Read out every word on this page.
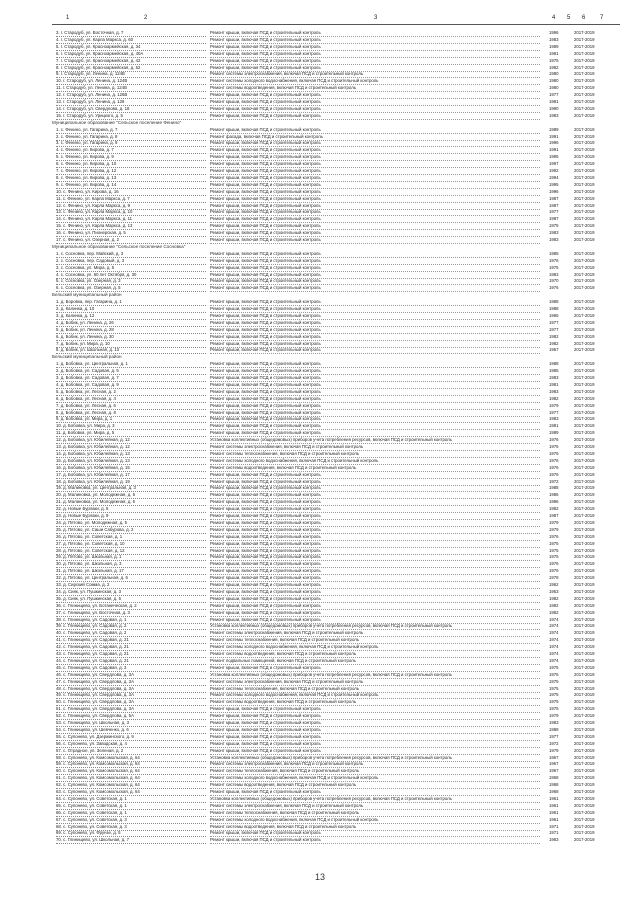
1	2	3	4 5 6 7
3. г. Стародуб, ул. Восточная, д. 7	Ремонт крыши, включая ПСД и строительный контроль	1996	2017-2019
4. г. Стародуб, ул. Карла Маркса, д. 60	Ремонт крыши, включая ПСД и строительный контроль	1983	2017-2019
5. г. Стародуб, ул. Красноармейская, д. 34	Ремонт крыши, включая ПСД и строительный контроль	1989	2017-2019
6. г. Стародуб, ул. Красноармейская, д. 40А	Ремонт крыши, включая ПСД и строительный контроль	1981	2017-2019
7. г. Стародуб, ул. Красноармейская, д. 42	Ремонт крыши, включая ПСД и строительный контроль	1975	2017-2019
8. г. Стародуб, ул. Красноармейская, д. 52	Ремонт крыши, включая ПСД и строительный контроль	1982	2017-2019
9. г. Стародуб, ул. Ленина, д. 124В	Ремонт системы электроснабжения, включая ПСД и строительный контроль	1980	2017-2019
10. г. Стародуб, ул. Ленина, д. 124В	Ремонт системы холодного водоснабжения, включая ПСД и строительный контроль	1980	2017-2019
11. г. Стародуб, ул. Ленина, д. 124В	Ремонт системы водоотведения, включая ПСД и строительный контроль	1980	2017-2019
12. г. Стародуб, ул. Ленина, д. 126В	Ремонт крыши, включая ПСД и строительный контроль	1977	2017-2019
13. г. Стародуб, ул. Ленина, д. 128	Ремонт крыши, включая ПСД и строительный контроль	1981	2017-2019
14. г. Стародуб, ул. Свердлова, д. 18	Ремонт крыши, включая ПСД и строительный контроль	1990	2017-2019
15. г. Стародуб, ул. Урицкого, д. 5	Ремонт крыши, включая ПСД и строительный контроль	1983	2017-2019
Муниципальное образование "Сельское поселение Фенино"
1. с. Фенино, ул. Гагарина, д. 7	Ремонт крыши, включая ПСД и строительный контроль	1989	2017-2019
2. с. Фенино, ул. Гагарина, д. 8	Ремонт фасада, включая ПСД и строительный контроль	1991	2017-2019
3. с. Фенино, ул. Гагарина, д. 9	Ремонт крыши, включая ПСД и строительный контроль	1996	2017-2019
4. с. Фенино, ул. Кирова, д. 7	Ремонт крыши, включая ПСД и строительный контроль	1991	2017-2019
5. с. Фенино, ул. Кирова, д. 9	Ремонт крыши, включая ПСД и строительный контроль	1995	2017-2019
6. с. Фенино, ул. Кирова, д. 10	Ремонт крыши, включая ПСД и строительный контроль	1997	2017-2019
7. с. Фенино, ул. Кирова, д. 12	Ремонт крыши, включая ПСД и строительный контроль	1992	2017-2019
8. с. Фенино, ул. Кирова, д. 13	Ремонт крыши, включая ПСД и строительный контроль	1994	2017-2019
9. с. Фенино, ул. Кирова, д. 14	Ремонт крыши, включая ПСД и строительный контроль	1995	2017-2019
10. с. Фенино, ул. Кирова, д. 16	Ремонт крыши, включая ПСД и строительный контроль	1996	2017-2019
11. с. Фенино, ул. Карла Маркса, д. 7	Ремонт крыши, включая ПСД и строительный контроль	1987	2017-2019
12. с. Фенино, ул. Карла Маркса, д. 9	Ремонт крыши, включая ПСД и строительный контроль	1987	2017-2019
13. с. Фенино, ул. Карла Маркса, д. 10	Ремонт крыши, включая ПСД и строительный контроль	1977	2017-2019
14. с. Фенино, ул. Карла Маркса, д. 11	Ремонт крыши, включая ПСД и строительный контроль	1987	2017-2019
15. с. Фенино, ул. Карла Маркса, д. 13	Ремонт крыши, включая ПСД и строительный контроль	1975	2017-2019
16. с. Фенино, ул. Пионерская, д. 5	Ремонт крыши, включая ПСД и строительный контроль	1983	2017-2019
17. с. Фенино, ул. Озерная, д. 2	Ремонт крыши, включая ПСД и строительный контроль	1983	2017-2019
Муниципальное образование "Сельское поселение Сосновка"
1. с. Сосновка, пер. Майский, д. 3	Ремонт крыши, включая ПСД и строительный контроль	1985	2017-2019
2. с. Сосновка, пер. Садовый, д. 3	Ремонт крыши, включая ПСД и строительный контроль	1976	2017-2019
3. с. Сосновка, ул. Мира, д. 5	Ремонт крыши, включая ПСД и строительный контроль	1975	2017-2019
4. с. Сосновка, ул. 60 лет Октября, д. 30	Ремонт крыши, включая ПСД и строительный контроль	1983	2017-2019
5. с. Сосновка, ул. Озерная, д. 3	Ремонт крыши, включая ПСД и строительный контроль	1970	2017-2019
6. с. Сосновка, ул. Озерная, д. 5	Ремонт крыши, включая ПСД и строительный контроль	1976	2017-2019
Бельский муниципальный район
1. д. Боровка, пер. Гагарина, д. 1	Ремонт крыши, включая ПСД и строительный контроль	1988	2017-2019
2. д. Калинка, д. 10	Ремонт крыши, включая ПСД и строительный контроль	1988	2017-2019
3. д. Калинка, д. 12	Ремонт крыши, включая ПСД и строительный контроль	1965	2017-2019
4. д. Бобик, ул. Ленина, д. 26	Ремонт крыши, включая ПСД и строительный контроль	1977	2017-2019
5. д. Бобик, ул. Ленина, д. 28	Ремонт крыши, включая ПСД и строительный контроль	1977	2017-2019
6. д. Бобик, ул. Ленина, д. 30	Ремонт крыши, включая ПСД и строительный контроль	1982	2017-2019
7. д. Бобик, ул. Мира, д. 10	Ремонт крыши, включая ПСД и строительный контроль	1982	2017-2019
8. д. Бобик, ул. Школьная, д. 13	Ремонт крыши, включая ПСД и строительный контроль	1967	2017-2019
Бельский муниципальный район
1. д. Бобовка, ул. Центральная, д. 1	Ремонт крыши, включая ПСД и строительный контроль	1988	2017-2019
2. д. Бобовка, ул. Садовая, д. 5	Ремонт крыши, включая ПСД и строительный контроль	1985	2017-2019
3. д. Бобовка, ул. Садовая, д. 7	Ремонт крыши, включая ПСД и строительный контроль	1983	2017-2019
4. д. Бобовка, ул. Садовая, д. 9	Ремонт крыши, включая ПСД и строительный контроль	1981	2017-2019
5. д. Бобовка, ул. Лесная, д. 2	Ремонт крыши, включая ПСД и строительный контроль	1983	2017-2019
6. д. Бобовка, ул. Лесная, д. 4	Ремонт крыши, включая ПСД и строительный контроль	1982	2017-2019
7. д. Бобовка, ул. Лесная, д. 6	Ремонт крыши, включая ПСД и строительный контроль	1979	2017-2019
8. д. Бобовка, ул. Лесная, д. 8	Ремонт крыши, включая ПСД и строительный контроль	1977	2017-2019
9. д. Бобовка, ул. Мира, д. 1	Ремонт крыши, включая ПСД и строительный контроль	1983	2017-2019
10. д. Бобовка, ул. Мира, д. 3	Ремонт крыши, включая ПСД и строительный контроль	1981	2017-2019
11. д. Бобовка, ул. Мира, д. 5	Ремонт крыши, включая ПСД и строительный контроль	1989	2017-2019
12. д. Бобовка, ул. Юбилейная, д. 12	Установка коллективных (общедомовых) приборов учета потребления ресурсов, включая ПСД и строительный контроль	1976	2017-2019
13. д. Бобовка, ул. Юбилейная, д. 12	Ремонт системы электроснабжения, включая ПСД и строительный контроль	1976	2017-2019
14. д. Бобовка, ул. Юбилейная, д. 13	Ремонт системы теплоснабжения, включая ПСД и строительный контроль	1976	2017-2019
15. д. Бобовка, ул. Юбилейная, д. 13	Ремонт системы холодного водоснабжения, включая ПСД и строительный контроль	1976	2017-2019
16. д. Бобовка, ул. Юбилейная, д. 15	Ремонт системы водоотведения, включая ПСД и строительный контроль	1976	2017-2019
17. д. Бобовка, ул. Юбилейная, д. 17	Ремонт крыши, включая ПСД и строительный контроль	1976	2017-2019
18. д. Бобовка, ул. Юбилейная, д. 19	Ремонт крыши, включая ПСД и строительный контроль	1972	2017-2019
19. д. Малиновка, ул. Центральная, д. 3	Ремонт крыши, включая ПСД и строительный контроль	1988	2017-2019
20. д. Малиновка, ул. Молодежная, д. 5	Ремонт крыши, включая ПСД и строительный контроль	1986	2017-2019
21. д. Малиновка, ул. Молодежная, д. 6	Ремонт крыши, включая ПСД и строительный контроль	1986	2017-2019
22. д. Новые Бурлаки, д. 5	Ремонт крыши, включая ПСД и строительный контроль	1982	2017-2019
23. д. Новые Бурлаки, д. 9	Ремонт крыши, включая ПСД и строительный контроль	1987	2017-2019
24. д. Пятово, ул. Молодежная, д. 5	Ремонт крыши, включая ПСД и строительный контроль	1979	2017-2019
25. д. Пятово, ул. Саши Сабурова, д. 2	Ремонт крыши, включая ПСД и строительный контроль	1979	2017-2019
26. д. Пятово, ул. Советская, д. 1	Ремонт крыши, включая ПСД и строительный контроль	1976	2017-2019
27. д. Пятово, ул. Советская, д. 10	Ремонт крыши, включая ПСД и строительный контроль	1975	2017-2019
28. д. Пятово, ул. Советская, д. 12	Ремонт крыши, включая ПСД и строительный контроль	1975	2017-2019
29. д. Пятово, ул. Школьная, д. 1	Ремонт крыши, включая ПСД и строительный контроль	1975	2017-2019
30. д. Пятово, ул. Школьная, д. 3	Ремонт крыши, включая ПСД и строительный контроль	1976	2017-2019
31. д. Пятово, ул. Школьная, д. 17	Ремонт крыши, включая ПСД и строительный контроль	1976	2017-2019
32. д. Пятово, ул. Центральная, д. 6	Ремонт крыши, включая ПСД и строительный контроль	1978	2017-2019
33. д. Сирский Сомма, д. 2	Ремонт крыши, включая ПСД и строительный контроль	1962	2017-2019
34. д. Сияк, ул. Пушкинская, д. 3	Ремонт крыши, включая ПСД и строительный контроль	1953	2017-2019
35. д. Сияк, ул. Пушкинская, д. 5	Ремонт крыши, включая ПСД и строительный контроль	1982	2017-2019
36. с. Глинищево, ул. Ботаническая, д. 2	Ремонт крыши, включая ПСД и строительный контроль	1982	2017-2019
37. с. Глинищево, ул. Восточная, д. 3	Ремонт крыши, включая ПСД и строительный контроль	1982	2017-2019
38. с. Глинищево, ул. Садовая, д. 1	Ремонт крыши, включая ПСД и строительный контроль	1974	2017-2019
39. с. Глинищево, ул. Садовая, д. 2	Установка коллективных (общедомовых) приборов учета потребления ресурсов, включая ПСД и строительный контроль	1974	2017-2019
40. с. Глинищево, ул. Садовая, д. 2	Ремонт системы электроснабжения, включая ПСД и строительный контроль	1974	2017-2019
41. с. Глинищево, ул. Садовая, д. 21	Ремонт системы теплоснабжения, включая ПСД и строительный контроль	1974	2017-2019
42. с. Глинищево, ул. Садовая, д. 21	Ремонт системы холодного водоснабжения, включая ПСД и строительный контроль	1974	2017-2019
43. с. Глинищево, ул. Садовая, д. 21	Ремонт системы водоотведения, включая ПСД и строительный контроль	1974	2017-2019
44. с. Глинищево, ул. Садовая, д. 21	Ремонт подвальных помещений, включая ПСД и строительный контроль	1974	2017-2019
45. с. Глинищево, ул. Садовая, д. 3	Ремонт крыши, включая ПСД и строительный контроль	1975	2017-2019
46. с. Глинищево, ул. Свердлова, д. 3А	Установка коллективных (общедомовых) приборов учета потребления ресурсов, включая ПСД и строительный контроль	1975	2017-2019
47. с. Глинищево, ул. Свердлова, д. 3А	Ремонт системы электроснабжения, включая ПСД и строительный контроль	1975	2017-2019
48. с. Глинищево, ул. Свердлова, д. 3А	Ремонт системы теплоснабжения, включая ПСД и строительный контроль	1975	2017-2019
49. с. Глинищево, ул. Свердлова, д. 3А	Ремонт системы холодного водоснабжения, включая ПСД и строительный контроль	1975	2017-2019
50. с. Глинищево, ул. Свердлова, д. 3А	Ремонт системы водоотведения, включая ПСД и строительный контроль	1975	2017-2019
51. с. Глинищево, ул. Свердлова, д. 3А	Ремонт крыши, включая ПСД и строительный контроль	1975	2017-2019
52. с. Глинищево, ул. Свердлова, д. 5А	Ремонт крыши, включая ПСД и строительный контроль	1979	2017-2019
53. с. Глинищево, ул. Школьная, д. 3	Ремонт крыши, включая ПСД и строительный контроль	1983	2017-2019
54. с. Глинищево, ул. Шевченко, д. 6	Ремонт крыши, включая ПСД и строительный контроль	1988	2017-2019
55. с. Супонево, ул. Дзержинского, д. 9	Ремонт крыши, включая ПСД и строительный контроль	1977	2017-2019
56. с. Супонево, ул. Заводская, д. 4	Ремонт крыши, включая ПСД и строительный контроль	1972	2017-2019
57. с. Отрадное, ул. Зеленая, д. 2	Ремонт крыши, включая ПСД и строительный контроль	1979	2017-2019
58. с. Супонево, ул. Комсомольская, д. 64	Установка коллективных (общедомовых) приборов учета потребления ресурсов, включая ПСД и строительный контроль	1967	2017-2019
59. с. Супонево, ул. Комсомольская, д. 64	Ремонт системы электроснабжения, включая ПСД и строительный контроль	1967	2017-2019
60. с. Супонево, ул. Комсомольская, д. 64	Ремонт системы теплоснабжения, включая ПСД и строительный контроль	1967	2017-2019
61. с. Супонево, ул. Комсомольская, д. 64	Ремонт системы холодного водоснабжения, включая ПСД и строительный контроль	1968	2017-2019
62. с. Супонево, ул. Комсомольская, д. 64	Ремонт системы водоотведения, включая ПСД и строительный контроль	1968	2017-2019
63. с. Супонево, ул. Комсомольская, д. 64	Ремонт крыши, включая ПСД и строительный контроль	1968	2017-2019
64. с. Супонево, ул. Советская, д. 1	Установка коллективных (общедомовых) приборов учета потребления ресурсов, включая ПСД и строительный контроль	1961	2017-2019
65. с. Супонево, ул. Советская, д. 1	Ремонт системы электроснабжения, включая ПСД и строительный контроль	1961	2017-2019
66. с. Супонево, ул. Советская, д. 1	Ремонт системы теплоснабжения, включая ПСД и строительный контроль	1961	2017-2019
67. с. Супонево, ул. Советская, д. 3	Ремонт системы холодного водоснабжения, включая ПСД и строительный контроль	1961	2017-2019
68. с. Супонево, ул. Советская, д. 3	Ремонт системы водоотведения, включая ПСД и строительный контроль	1971	2017-2019
69. с. Супонево, ул. Фрунзе, д. 5	Ремонт крыши, включая ПСД и строительный контроль	1971	2017-2019
70. с. Глинищево, ул. Школьная, д. 7	Ремонт крыши, включая ПСД и строительный контроль	1983	2017-2019
13
